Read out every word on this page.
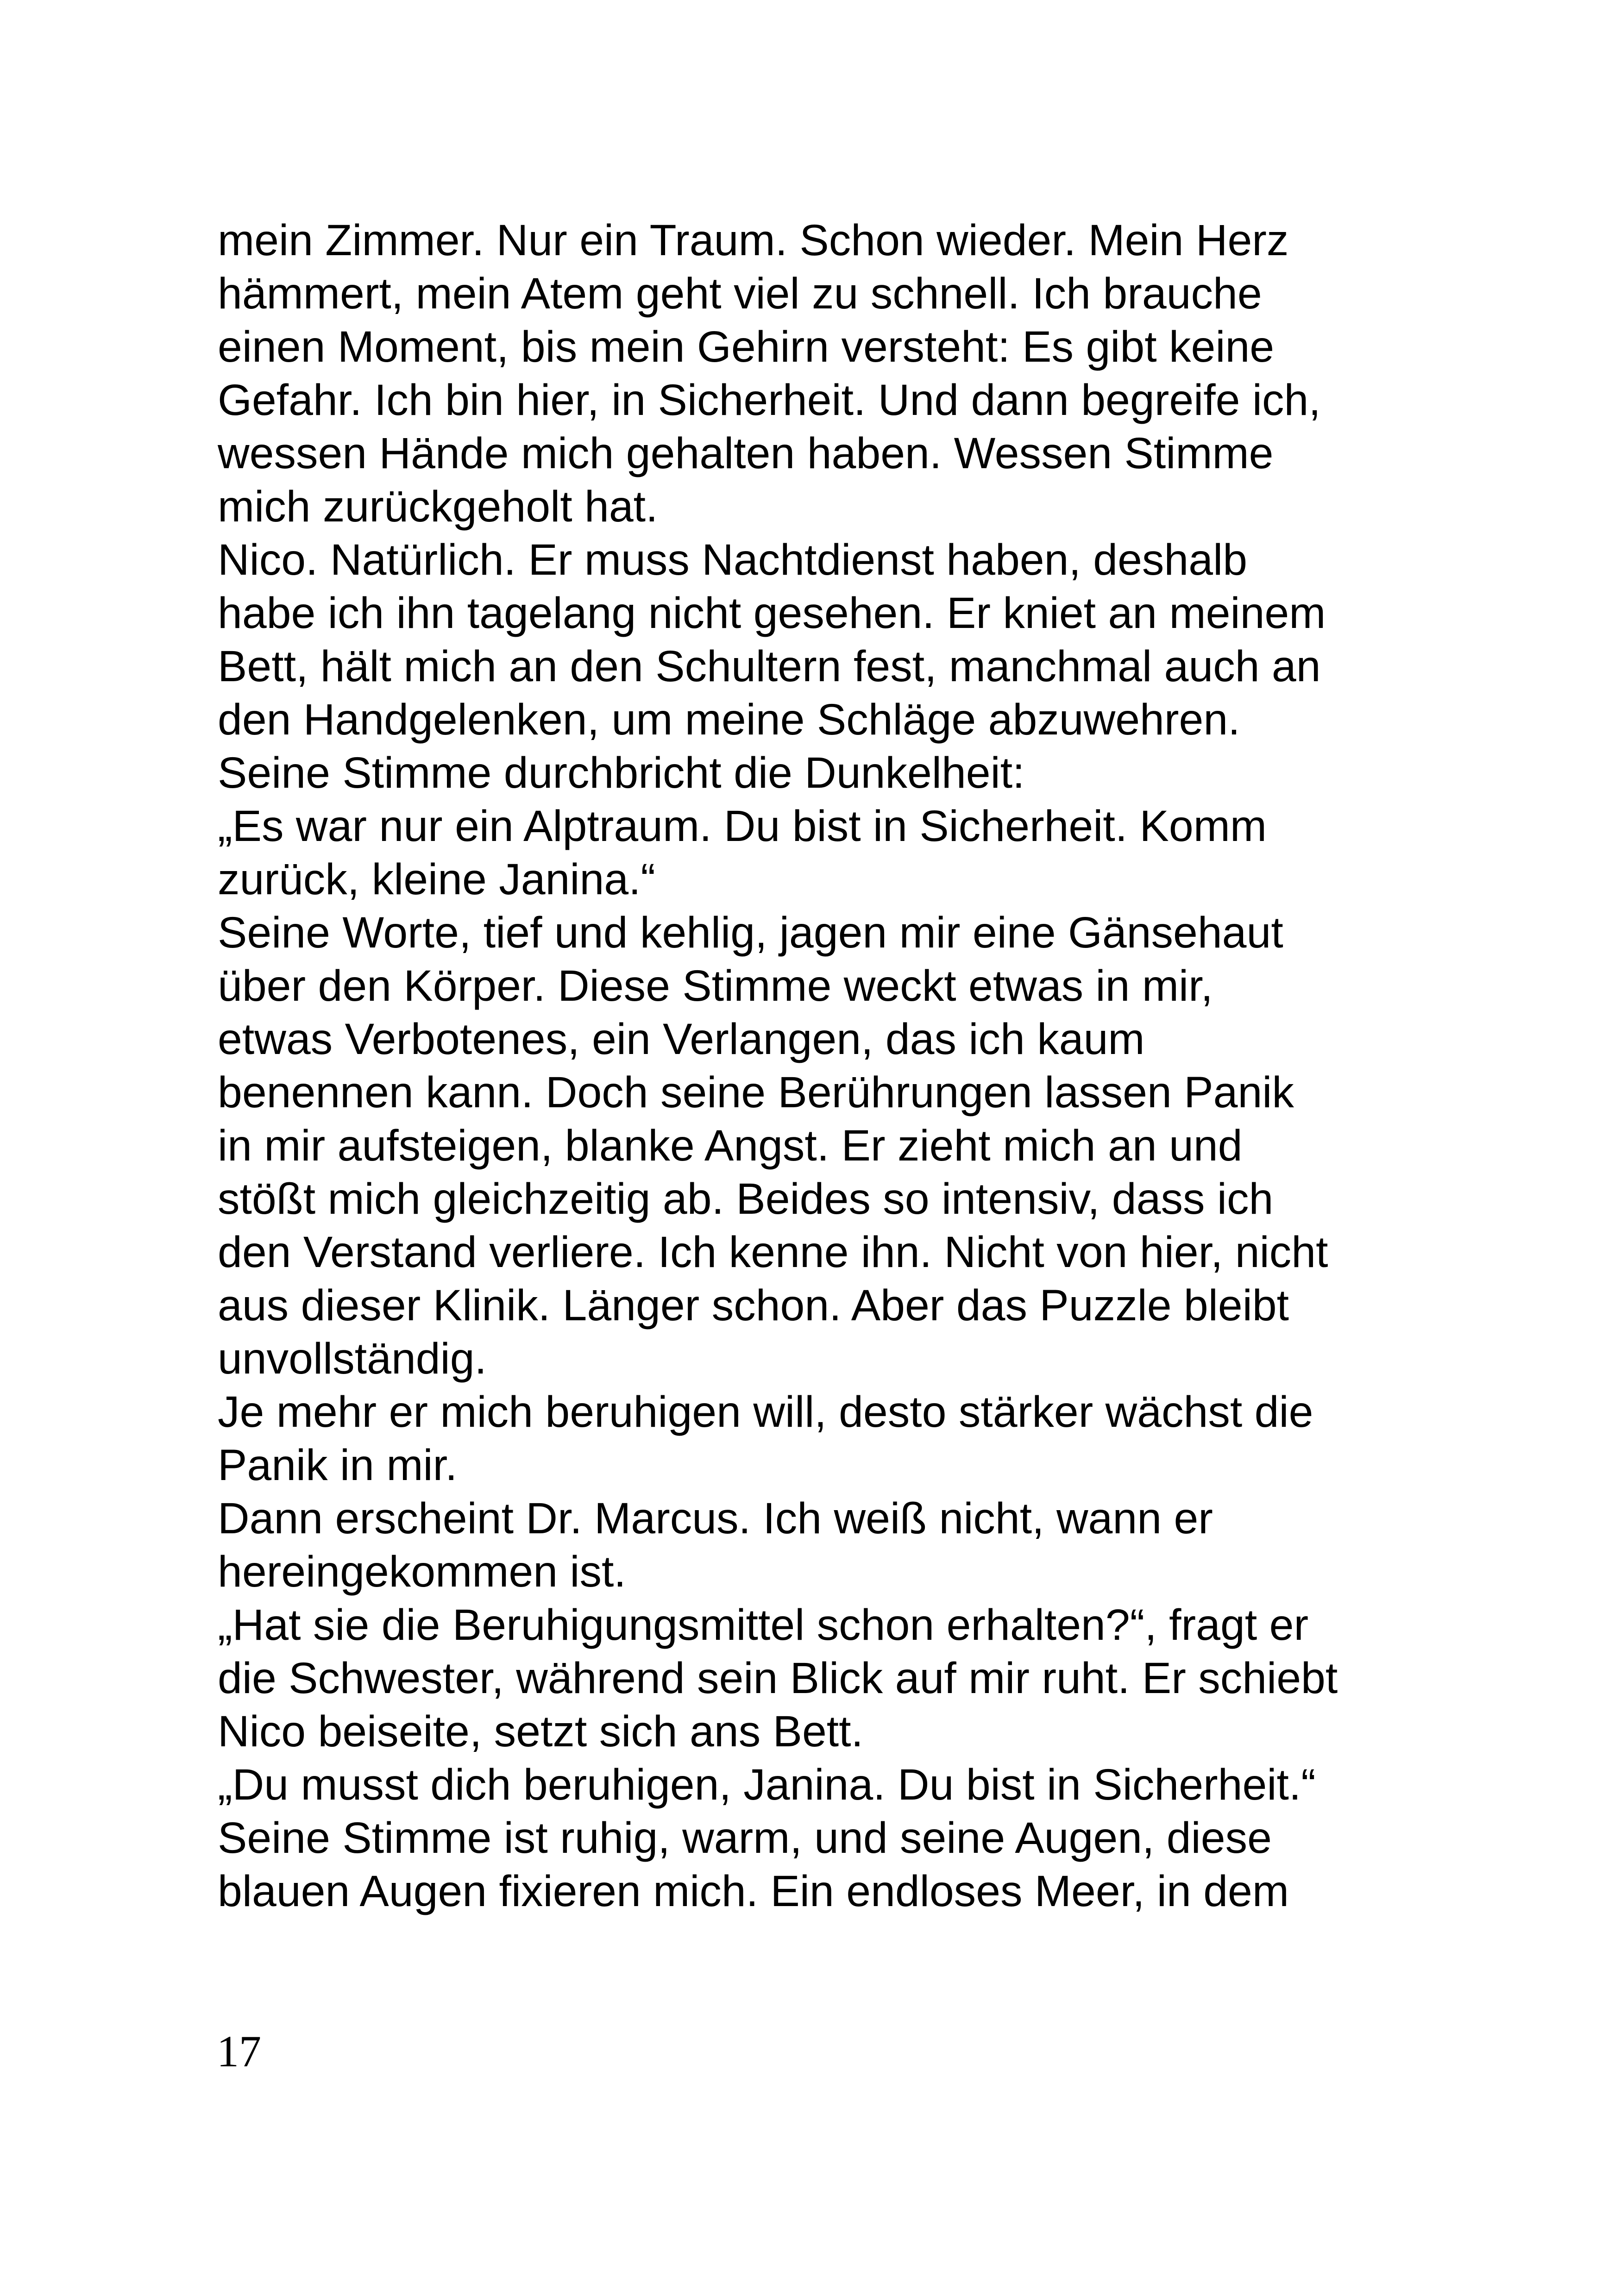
mein Zimmer. Nur ein Traum. Schon wieder. Mein Herz
hämmert, mein Atem geht viel zu schnell. Ich brauche
einen Moment, bis mein Gehirn versteht: Es gibt keine
Gefahr. Ich bin hier, in Sicherheit. Und dann begreife ich,
wessen Hände mich gehalten haben. Wessen Stimme
mich zurückgeholt hat.
Nico. Natürlich. Er muss Nachtdienst haben, deshalb
habe ich ihn tagelang nicht gesehen. Er kniet an meinem
Bett, hält mich an den Schultern fest, manchmal auch an
den Handgelenken, um meine Schläge abzuwehren.
Seine Stimme durchbricht die Dunkelheit:
„Es war nur ein Alptraum. Du bist in Sicherheit. Komm
zurück, kleine Janina.“
Seine Worte, tief und kehlig, jagen mir eine Gänsehaut
über den Körper. Diese Stimme weckt etwas in mir,
etwas Verbotenes, ein Verlangen, das ich kaum
benennen kann. Doch seine Berührungen lassen Panik
in mir aufsteigen, blanke Angst. Er zieht mich an und
stößt mich gleichzeitig ab. Beides so intensiv, dass ich
den Verstand verliere. Ich kenne ihn. Nicht von hier, nicht
aus dieser Klinik. Länger schon. Aber das Puzzle bleibt
unvollständig.
Je mehr er mich beruhigen will, desto stärker wächst die
Panik in mir.
Dann erscheint Dr. Marcus. Ich weiß nicht, wann er
hereingekommen ist.
„Hat sie die Beruhigungsmittel schon erhalten?“, fragt er
die Schwester, während sein Blick auf mir ruht. Er schiebt
Nico beiseite, setzt sich ans Bett.
„Du musst dich beruhigen, Janina. Du bist in Sicherheit.“
Seine Stimme ist ruhig, warm, und seine Augen, diese
blauen Augen fixieren mich. Ein endloses Meer, in dem
17
